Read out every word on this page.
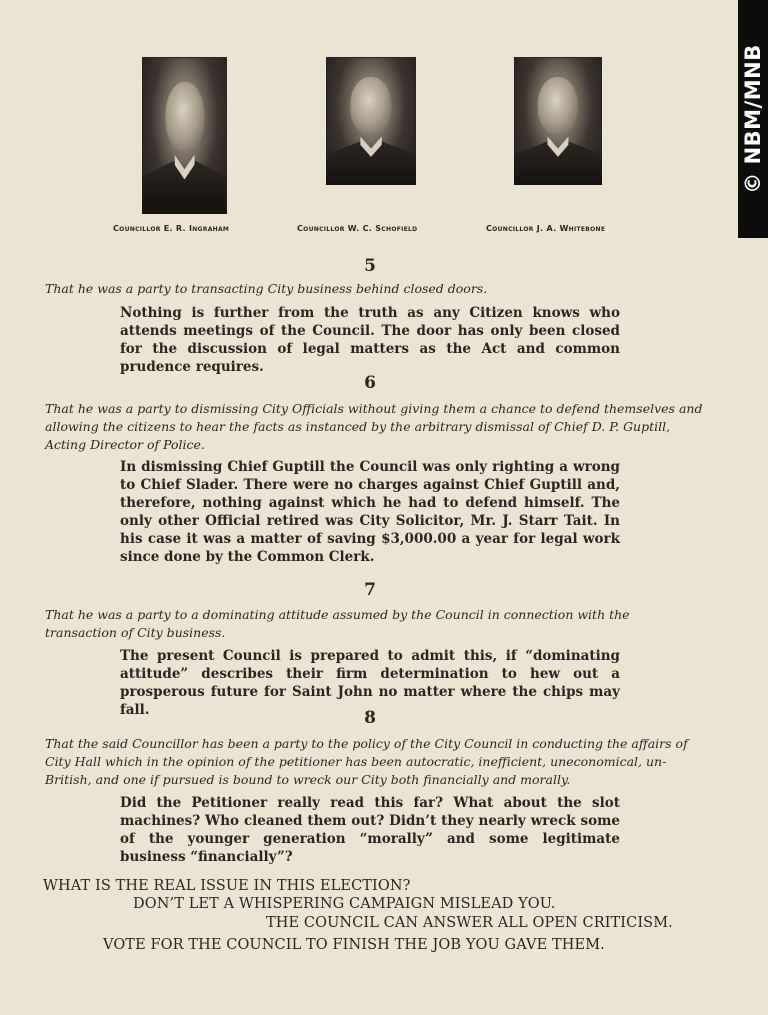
© NBM/MNB
Councillor E. R. Ingraham	Councillor W. C. Schofield	Councillor J. A. Whitebone
5
That he was a party to transacting City business behind closed doors.
Nothing is further from the truth as any Citizen knows who attends meetings of the Council. The door has only been closed for the discussion of legal matters as the Act and common prudence requires.
6
That he was a party to dismissing City Officials without giving them a chance to defend themselves and allowing the citizens to hear the facts as instanced by the arbitrary dismissal of Chief D. P. Guptill, Acting Director of Police.
In dismissing Chief Guptill the Council was only righting a wrong to Chief Slader. There were no charges against Chief Guptill and, therefore, nothing against which he had to defend himself. The only other Official retired was City Solicitor, Mr. J. Starr Tait. In his case it was a matter of saving $3,000.00 a year for legal work since done by the Common Clerk.
7
That he was a party to a dominating attitude assumed by the Council in connection with the transaction of City business.
The present Council is prepared to admit this, if “dominating attitude” describes their firm determination to hew out a prosperous future for Saint John no matter where the chips may fall.	8
That the said Councillor has been a party to the policy of the City Council in conducting the affairs of City Hall which in the opinion of the petitioner has been autocratic, inefficient, uneconomical, un-British, and one if pursued is bound to wreck our City both financially and morally.
Did the Petitioner really read this far? What about the slot machines? Who cleaned them out? Didn’t they nearly wreck some of the younger generation “morally” and some legitimate business “financially”?
WHAT IS THE REAL ISSUE IN THIS ELECTION?
DON’T LET A WHISPERING CAMPAIGN MISLEAD YOU.
THE COUNCIL CAN ANSWER ALL OPEN CRITICISM.
VOTE FOR THE COUNCIL TO FINISH THE JOB YOU GAVE THEM.
